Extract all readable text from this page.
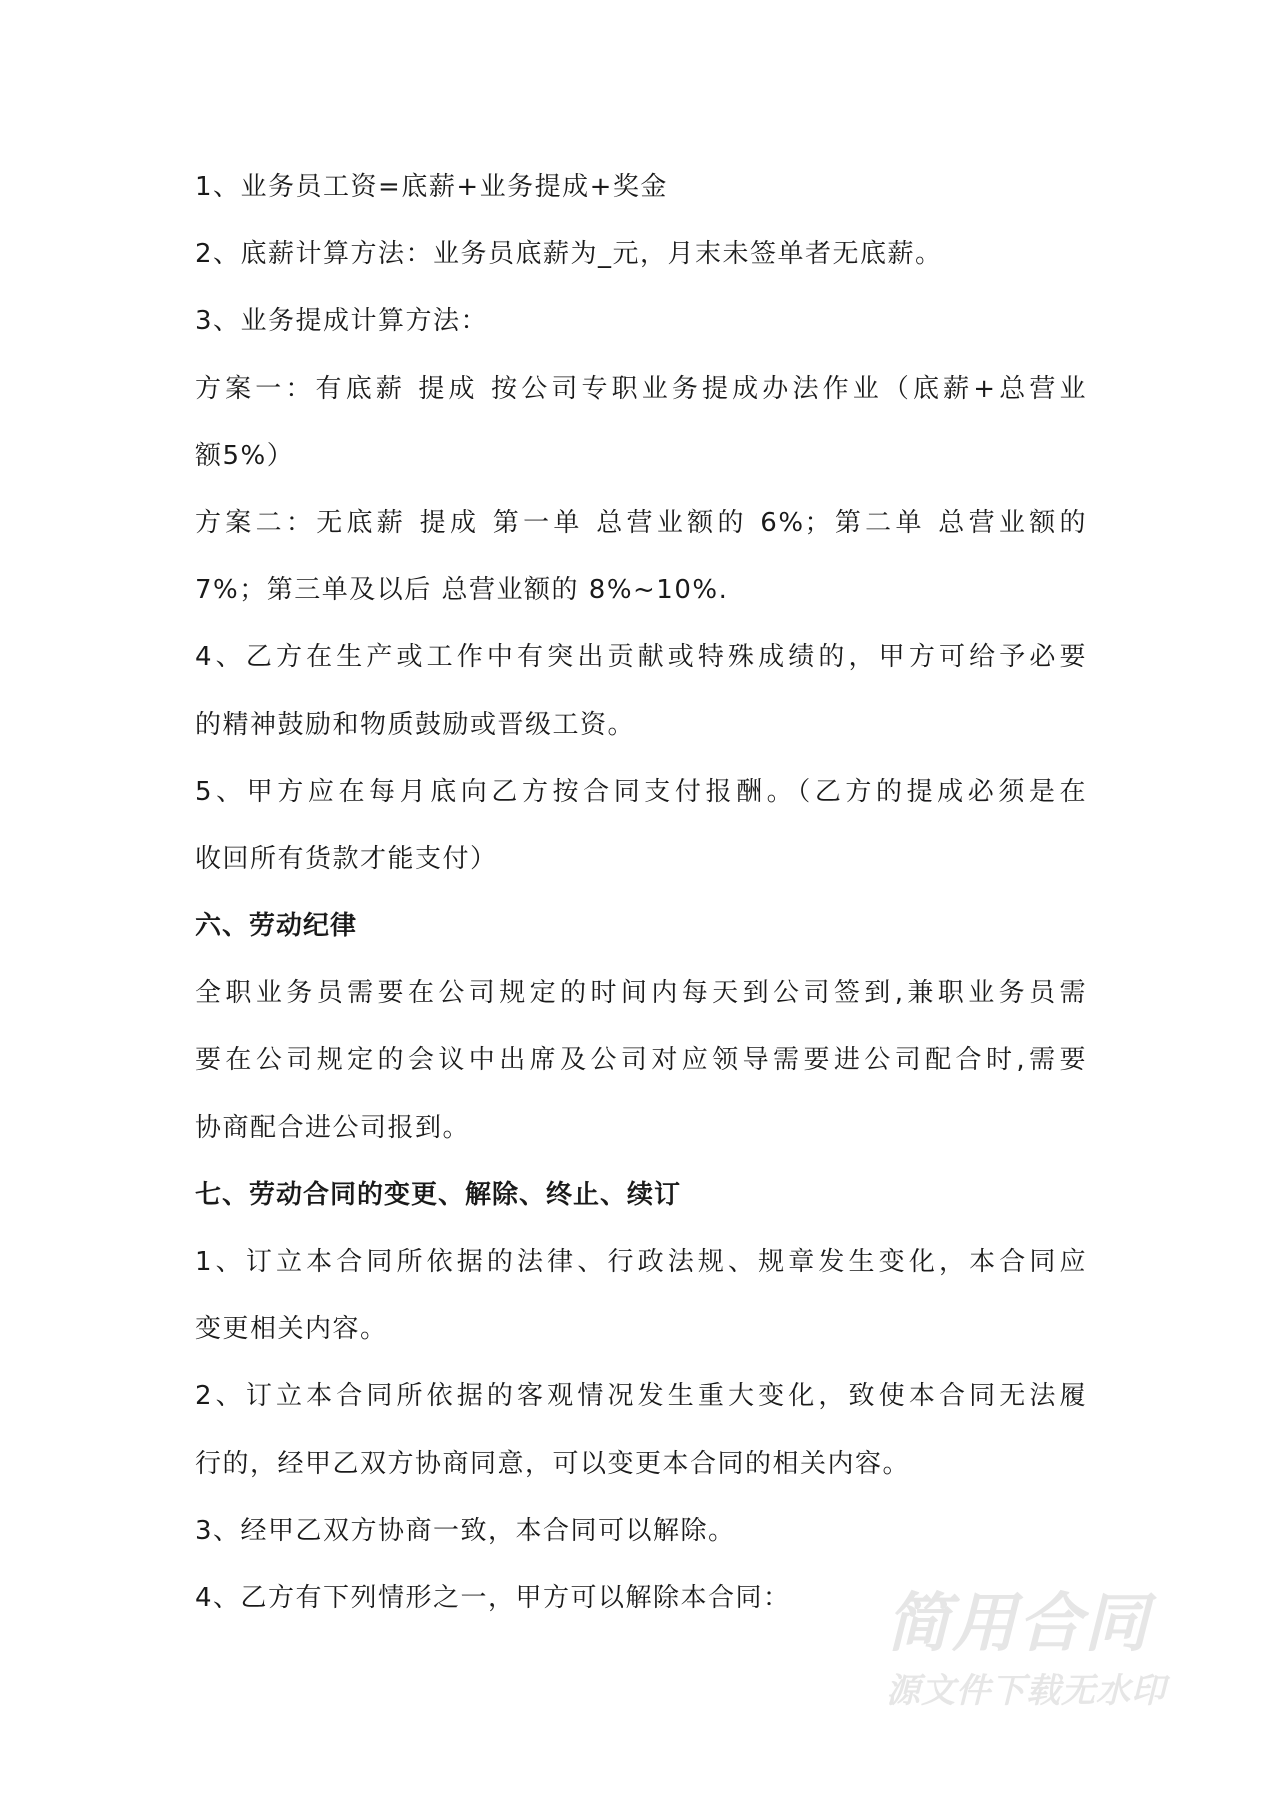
1、业务员工资=底薪+业务提成+奖金
2、底薪计算方法：业务员底薪为_元，月末未签单者无底薪。
3、业务提成计算方法：
方案一：有底薪 提成 按公司专职业务提成办法作业（底薪+总营业
额5%）
方案二：无底薪 提成 第一单 总营业额的 6%；第二单 总营业额的
7%；第三单及以后 总营业额的 8%~10%.
4、乙方在生产或工作中有突出贡献或特殊成绩的，甲方可给予必要
的精神鼓励和物质鼓励或晋级工资。
5、甲方应在每月底向乙方按合同支付报酬。（乙方的提成必须是在
收回所有货款才能支付）
六、劳动纪律
全职业务员需要在公司规定的时间内每天到公司签到,兼职业务员需
要在公司规定的会议中出席及公司对应领导需要进公司配合时,需要
协商配合进公司报到。
七、劳动合同的变更、解除、终止、续订
1、订立本合同所依据的法律、行政法规、规章发生变化，本合同应
变更相关内容。
2、订立本合同所依据的客观情况发生重大变化，致使本合同无法履
行的，经甲乙双方协商同意，可以变更本合同的相关内容。
3、经甲乙双方协商一致，本合同可以解除。
4、乙方有下列情形之一，甲方可以解除本合同：	简用合同
源文件下载无水印
